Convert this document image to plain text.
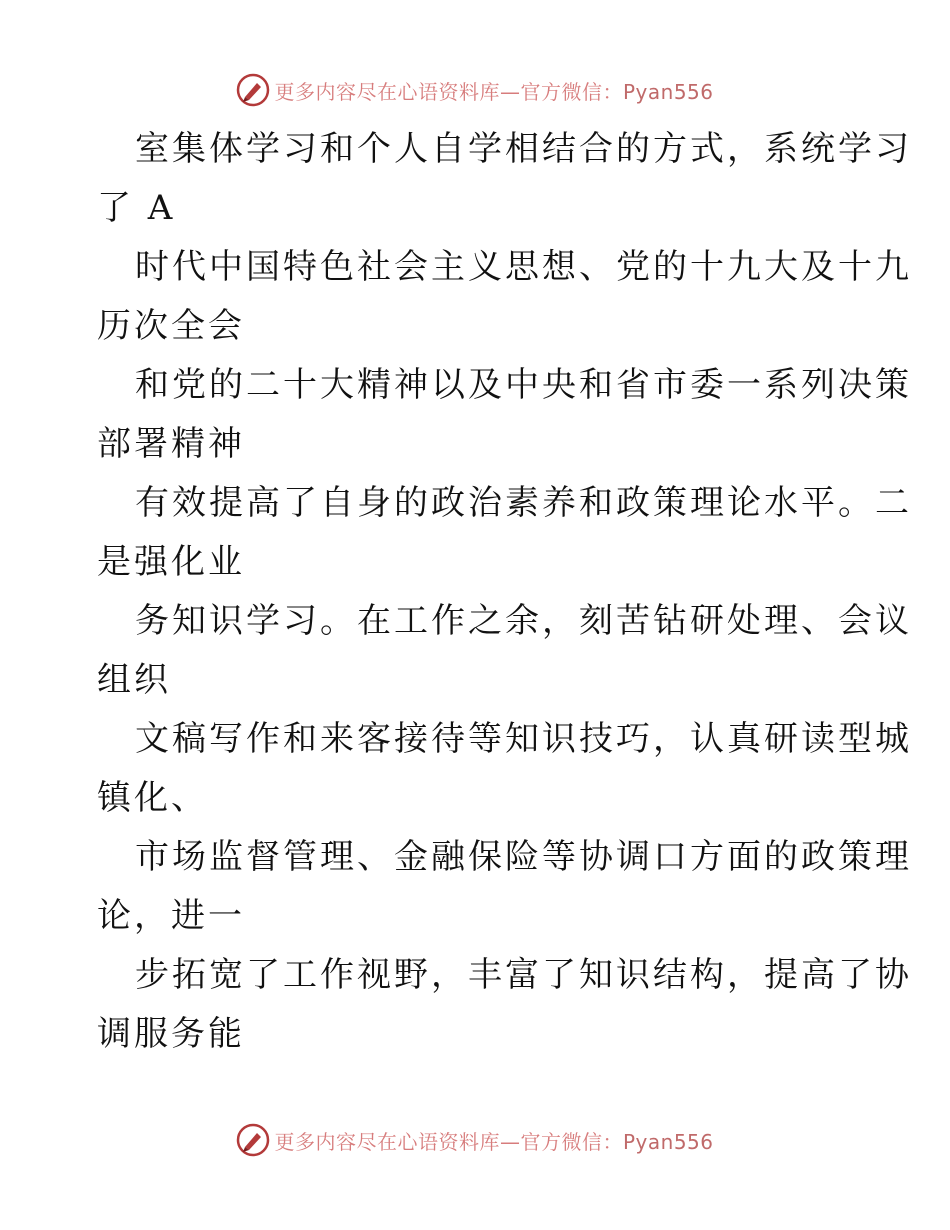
更多内容尽在心语资料库—官方微信：Pyan556

室集体学习和个人自学相结合的方式，系统学习
了 A

时代中国特色社会主义思想、党的十九大及十九
历次全会

和党的二十大精神以及中央和省市委一系列决策
部署精神

有效提高了自身的政治素养和政策理论水平。二
是强化业

务知识学习。在工作之余，刻苦钻研处理、会议
组织

文稿写作和来客接待等知识技巧，认真研读型城
镇化、

市场监督管理、金融保险等协调口方面的政策理
论，进一

步拓宽了工作视野，丰富了知识结构，提高了协
调服务能

更多内容尽在心语资料库—官方微信：Pyan556
